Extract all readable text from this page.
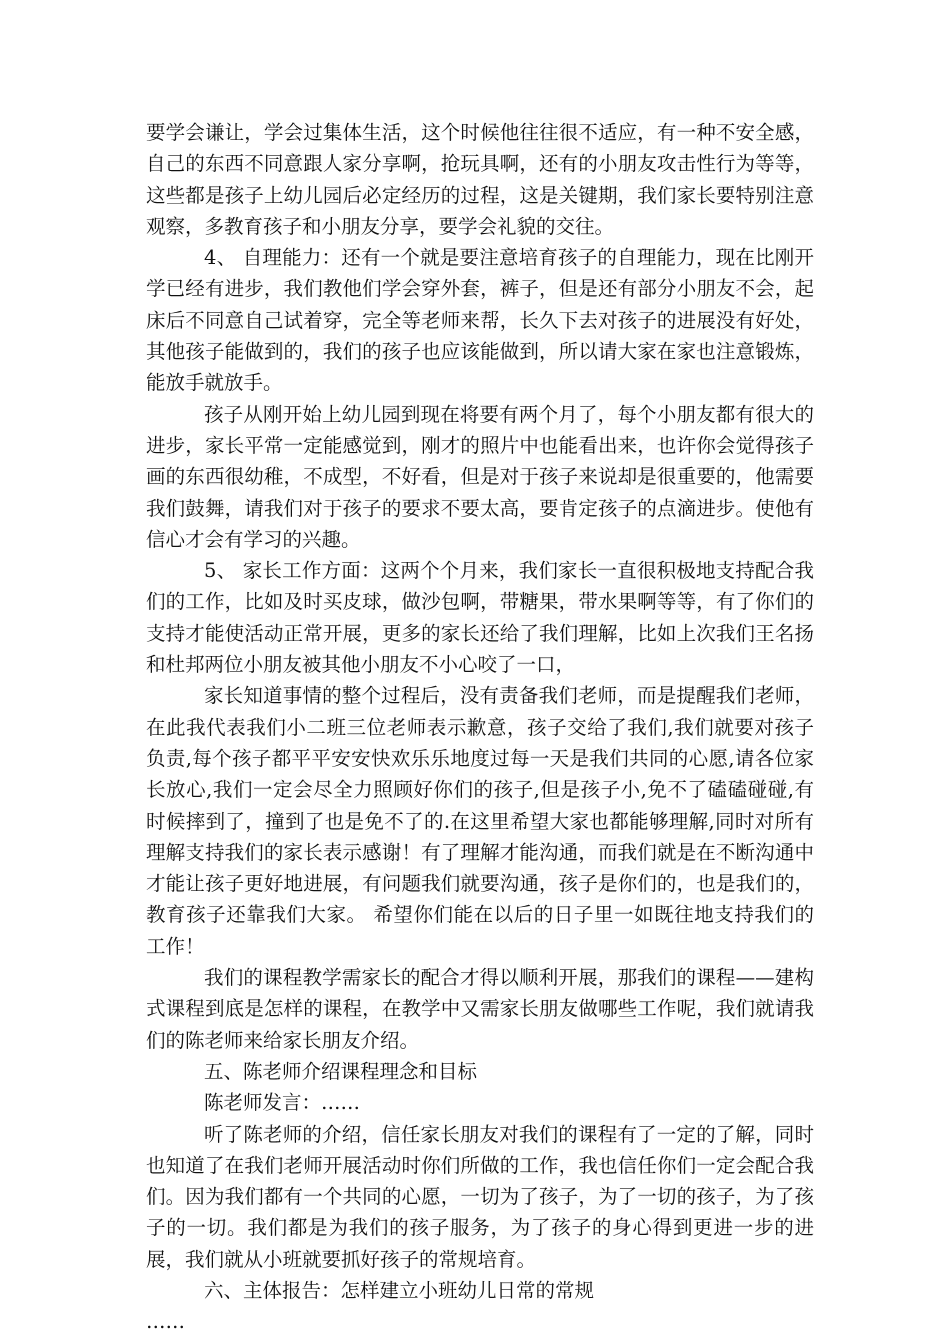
要学会谦让，学会过集体生活，这个时候他往往很不适应，有一种不安全感，自己的东西不同意跟人家分享啊，抢玩具啊，还有的小朋友攻击性行为等等，这些都是孩子上幼儿园后必定经历的过程，这是关键期，我们家长要特别注意观察，多教育孩子和小朋友分享，要学会礼貌的交往。

4、 自理能力：还有一个就是要注意培育孩子的自理能力，现在比刚开学已经有进步，我们教他们学会穿外套，裤子，但是还有部分小朋友不会，起床后不同意自己试着穿，完全等老师来帮，长久下去对孩子的进展没有好处，其他孩子能做到的，我们的孩子也应该能做到，所以请大家在家也注意锻炼，能放手就放手。

孩子从刚开始上幼儿园到现在将要有两个月了，每个小朋友都有很大的进步，家长平常一定能感觉到，刚才的照片中也能看出来，也许你会觉得孩子画的东西很幼稚，不成型，不好看，但是对于孩子来说却是很重要的，他需要我们鼓舞，请我们对于孩子的要求不要太高，要肯定孩子的点滴进步。使他有信心才会有学习的兴趣。

5、 家长工作方面：这两个个月来，我们家长一直很积极地支持配合我们的工作，比如及时买皮球，做沙包啊，带糖果，带水果啊等等，有了你们的支持才能使活动正常开展，更多的家长还给了我们理解，比如上次我们王名扬和杜邦两位小朋友被其他小朋友不小心咬了一口，

家长知道事情的整个过程后，没有责备我们老师，而是提醒我们老师，在此我代表我们小二班三位老师表示歉意，孩子交给了我们,我们就要对孩子负责,每个孩子都平平安安快欢乐乐地度过每一天是我们共同的心愿,请各位家长放心,我们一定会尽全力照顾好你们的孩子,但是孩子小,免不了磕磕碰碰,有时候摔到了，撞到了也是免不了的.在这里希望大家也都能够理解,同时对所有理解支持我们的家长表示感谢！有了理解才能沟通，而我们就是在不断沟通中才能让孩子更好地进展，有问题我们就要沟通，孩子是你们的，也是我们的，教育孩子还靠我们大家。 希望你们能在以后的日子里一如既往地支持我们的工作！

我们的课程教学需家长的配合才得以顺利开展，那我们的课程——建构式课程到底是怎样的课程，在教学中又需家长朋友做哪些工作呢，我们就请我们的陈老师来给家长朋友介绍。

五、陈老师介绍课程理念和目标

陈老师发言：……

听了陈老师的介绍，信任家长朋友对我们的课程有了一定的了解，同时也知道了在我们老师开展活动时你们所做的工作，我也信任你们一定会配合我们。因为我们都有一个共同的心愿，一切为了孩子，为了一切的孩子，为了孩子的一切。我们都是为我们的孩子服务，为了孩子的身心得到更进一步的进展，我们就从小班就要抓好孩子的常规培育。

六、主体报告：怎样建立小班幼儿日常的常规

……
